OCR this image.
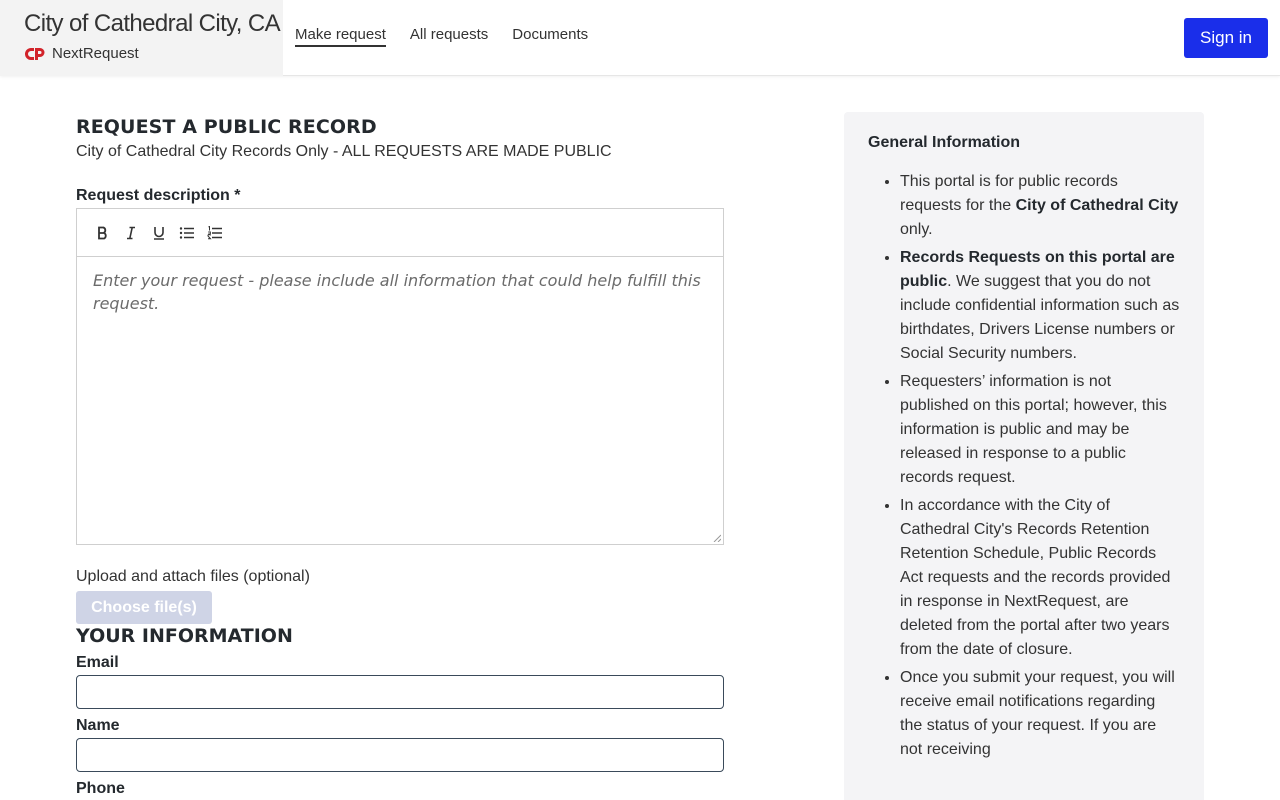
City of Cathedral City, CA
NextRequest
Make request All requests Documents	Sign in
REQUEST A PUBLIC RECORD
City of Cathedral City Records Only - ALL REQUESTS ARE MADE PUBLIC
Request description *
Enter your request - please include all information that could help fulfill this request.
Upload and attach files (optional)
Choose file(s)
YOUR INFORMATION
Email
Name
Phone
General Information
• This portal is for public records requests for the City of Cathedral City only.
• Records Requests on this portal are public. We suggest that you do not include confidential information such as birthdates, Drivers License numbers or Social Security numbers.
• Requesters’ information is not published on this portal; however, this information is public and may be released in response to a public records request.
• In accordance with the City of Cathedral City's Records Retention Retention Schedule, Public Records Act requests and the records provided in response in NextRequest, are deleted from the portal after two years from the date of closure.
• Once you submit your request, you will receive email notifications regarding the status of your request. If you are not receiving
